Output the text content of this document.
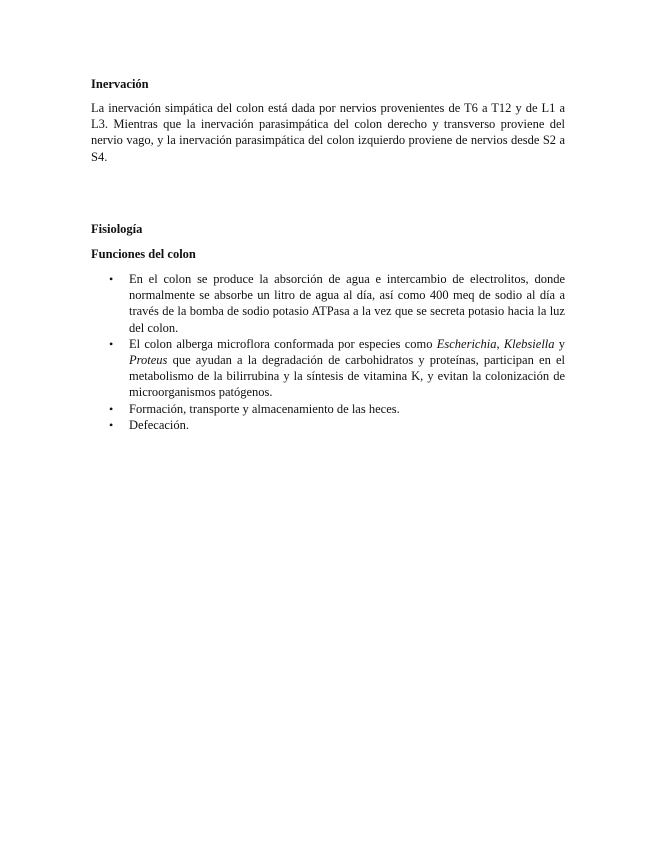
Inervación

La inervación simpática del colon está dada por nervios provenientes de T6 a T12 y de L1 a L3. Mientras que la inervación parasimpática del colon derecho y transverso proviene del nervio vago, y la inervación parasimpática del colon izquierdo proviene de nervios desde S2 a S4.

Fisiología
Funciones del colon
• En el colon se produce la absorción de agua e intercambio de electrolitos, donde normalmente se absorbe un litro de agua al día, así como 400 meq de sodio al día a través de la bomba de sodio potasio ATPasa a la vez que se secreta potasio hacia la luz del colon.
• El colon alberga microflora conformada por especies como Escherichia, Klebsiella y Proteus que ayudan a la degradación de carbohidratos y proteínas, participan en el metabolismo de la bilirrubina y la síntesis de vitamina K, y evitan la colonización de microorganismos patógenos.
• Formación, transporte y almacenamiento de las heces.
• Defecación.
